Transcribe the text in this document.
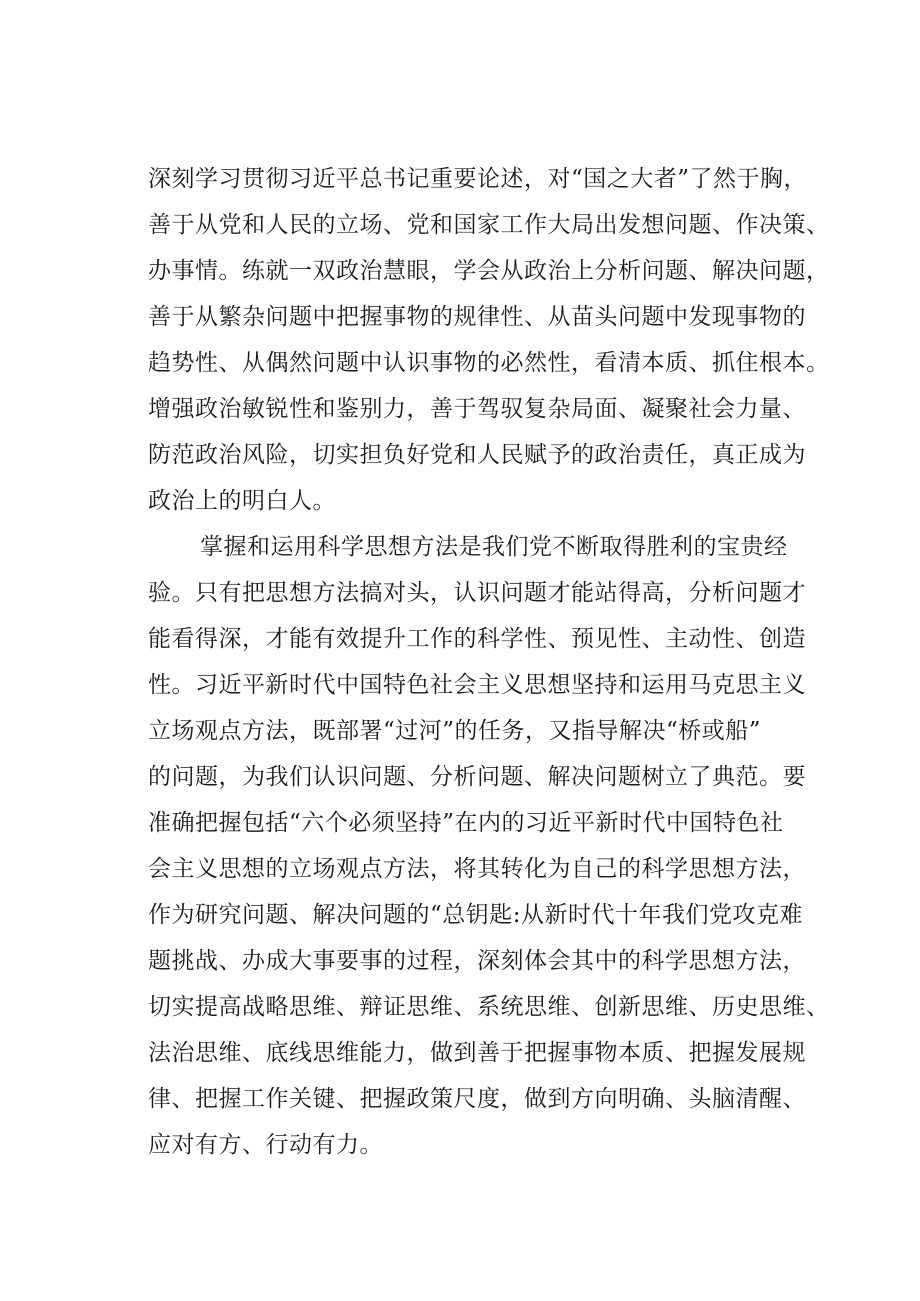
深刻学习贯彻习近平总书记重要论述，对“国之大者”了然于胸，
善于从党和人民的立场、党和国家工作大局出发想问题、作决策、
办事情。练就一双政治慧眼，学会从政治上分析问题、解决问题，
善于从繁杂问题中把握事物的规律性、从苗头问题中发现事物的
趋势性、从偶然问题中认识事物的必然性，看清本质、抓住根本。
增强政治敏锐性和鉴别力，善于驾驭复杂局面、凝聚社会力量、
防范政治风险，切实担负好党和人民赋予的政治责任，真正成为
政治上的明白人。
掌握和运用科学思想方法是我们党不断取得胜利的宝贵经
验。只有把思想方法搞对头，认识问题才能站得高，分析问题才
能看得深，才能有效提升工作的科学性、预见性、主动性、创造
性。习近平新时代中国特色社会主义思想坚持和运用马克思主义
立场观点方法，既部署“过河”的任务，又指导解决“桥或船”
的问题，为我们认识问题、分析问题、解决问题树立了典范。要
准确把握包括“六个必须坚持”在内的习近平新时代中国特色社
会主义思想的立场观点方法，将其转化为自己的科学思想方法，
作为研究问题、解决问题的“总钥匙:从新时代十年我们党攻克难
题挑战、办成大事要事的过程，深刻体会其中的科学思想方法，
切实提高战略思维、辩证思维、系统思维、创新思维、历史思维、
法治思维、底线思维能力，做到善于把握事物本质、把握发展规
律、把握工作关键、把握政策尺度，做到方向明确、头脑清醒、
应对有方、行动有力。
